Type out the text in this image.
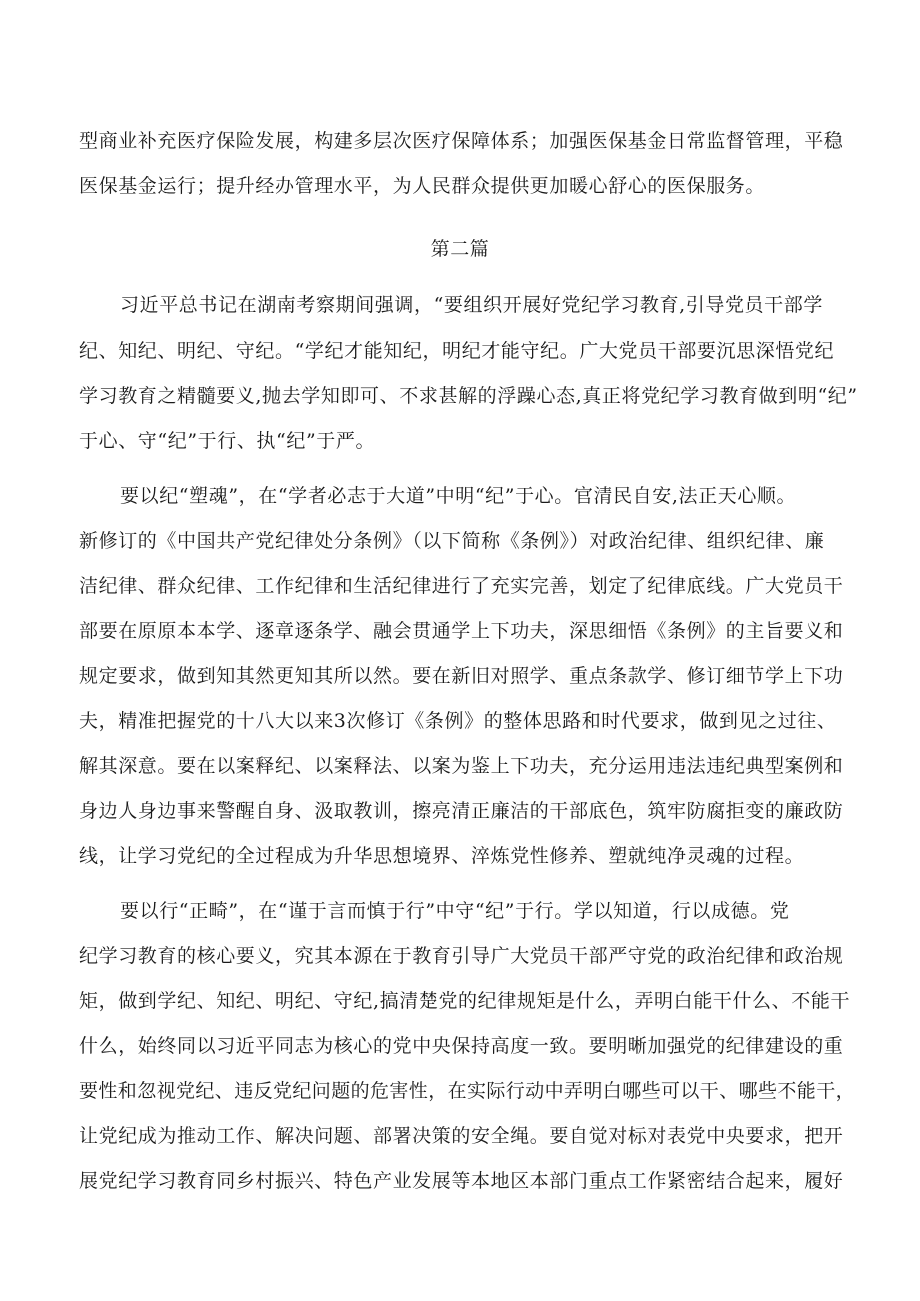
型商业补充医疗保险发展，构建多层次医疗保障体系；加强医保基金日常监督管理，平稳
医保基金运行；提升经办管理水平，为人民群众提供更加暖心舒心的医保服务。
第二篇
习近平总书记在湖南考察期间强调，“要组织开展好党纪学习教育,引导党员干部学
纪、知纪、明纪、守纪。“学纪才能知纪，明纪才能守纪。广大党员干部要沉思深悟党纪
学习教育之精髓要义,抛去学知即可、不求甚解的浮躁心态,真正将党纪学习教育做到明“纪”
于心、守“纪”于行、执“纪”于严。
要以纪“塑魂”，在“学者必志于大道”中明“纪”于心。官清民自安,法正天心顺。
新修订的《中国共产党纪律处分条例》（以下简称《条例》）对政治纪律、组织纪律、廉
洁纪律、群众纪律、工作纪律和生活纪律进行了充实完善，划定了纪律底线。广大党员干
部要在原原本本学、逐章逐条学、融会贯通学上下功夫，深思细悟《条例》的主旨要义和
规定要求，做到知其然更知其所以然。要在新旧对照学、重点条款学、修订细节学上下功
夫，精准把握党的十八大以来3次修订《条例》的整体思路和时代要求，做到见之过往、
解其深意。要在以案释纪、以案释法、以案为鉴上下功夫，充分运用违法违纪典型案例和
身边人身边事来警醒自身、汲取教训，擦亮清正廉洁的干部底色，筑牢防腐拒变的廉政防
线，让学习党纪的全过程成为升华思想境界、淬炼党性修养、塑就纯净灵魂的过程。
要以行“正畸”，在“谨于言而慎于行”中守“纪”于行。学以知道，行以成德。党
纪学习教育的核心要义，究其本源在于教育引导广大党员干部严守党的政治纪律和政治规
矩，做到学纪、知纪、明纪、守纪,搞清楚党的纪律规矩是什么，弄明白能干什么、不能干
什么，始终同以习近平同志为核心的党中央保持高度一致。要明晰加强党的纪律建设的重
要性和忽视党纪、违反党纪问题的危害性，在实际行动中弄明白哪些可以干、哪些不能干，
让党纪成为推动工作、解决问题、部署决策的安全绳。要自觉对标对表党中央要求，把开
展党纪学习教育同乡村振兴、特色产业发展等本地区本部门重点工作紧密结合起来，履好
